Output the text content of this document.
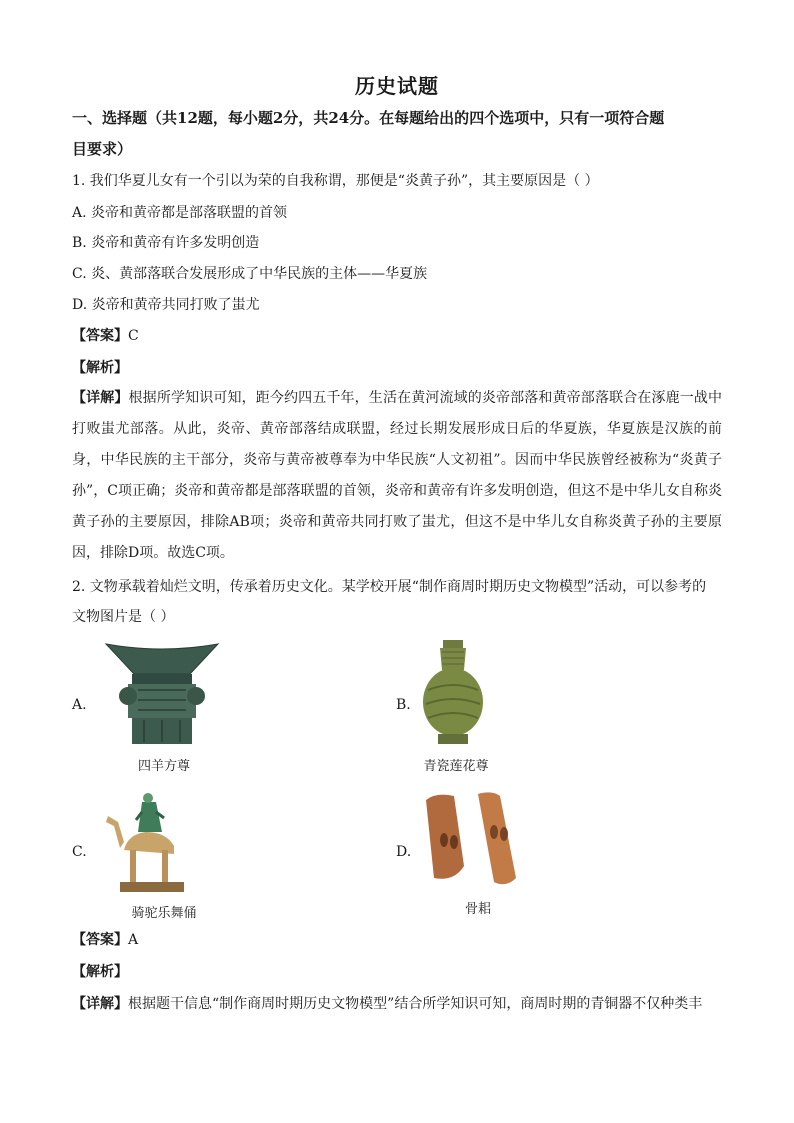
历史试题
一、选择题（共12题，每小题2分，共24分。在每题给出的四个选项中，只有一项符合题
目要求）
1. 我们华夏儿女有一个引以为荣的自我称谓，那便是“炎黄子孙”，其主要原因是（ ）
A. 炎帝和黄帝都是部落联盟的首领
B. 炎帝和黄帝有许多发明创造
C. 炎、黄部落联合发展形成了中华民族的主体——华夏族
D. 炎帝和黄帝共同打败了蚩尤
【答案】C
【解析】
【详解】根据所学知识可知，距今约四五千年，生活在黄河流域的炎帝部落和黄帝部落联合在涿鹿一战中打败蚩尤部落。从此，炎帝、黄帝部落结成联盟，经过长期发展形成日后的华夏族，华夏族是汉族的前身，中华民族的主干部分，炎帝与黄帝被尊奉为中华民族“人文初祖”。因而中华民族曾经被称为“炎黄子孙”，C项正确；炎帝和黄帝都是部落联盟的首领，炎帝和黄帝有许多发明创造，但这不是中华儿女自称炎黄子孙的主要原因，排除AB项；炎帝和黄帝共同打败了蚩尤，但这不是中华儿女自称炎黄子孙的主要原因，排除D项。故选C项。
2. 文物承载着灿烂文明，传承着历史文化。某学校开展“制作商周时期历史文物模型”活动，可以参考的
文物图片是（ ）
A.
四羊方尊
B.
青瓷莲花尊
C.
骑驼乐舞俑
D.
骨耜
【答案】A
【解析】
【详解】根据题干信息“制作商周时期历史文物模型”结合所学知识可知，商周时期的青铜器不仅种类丰
